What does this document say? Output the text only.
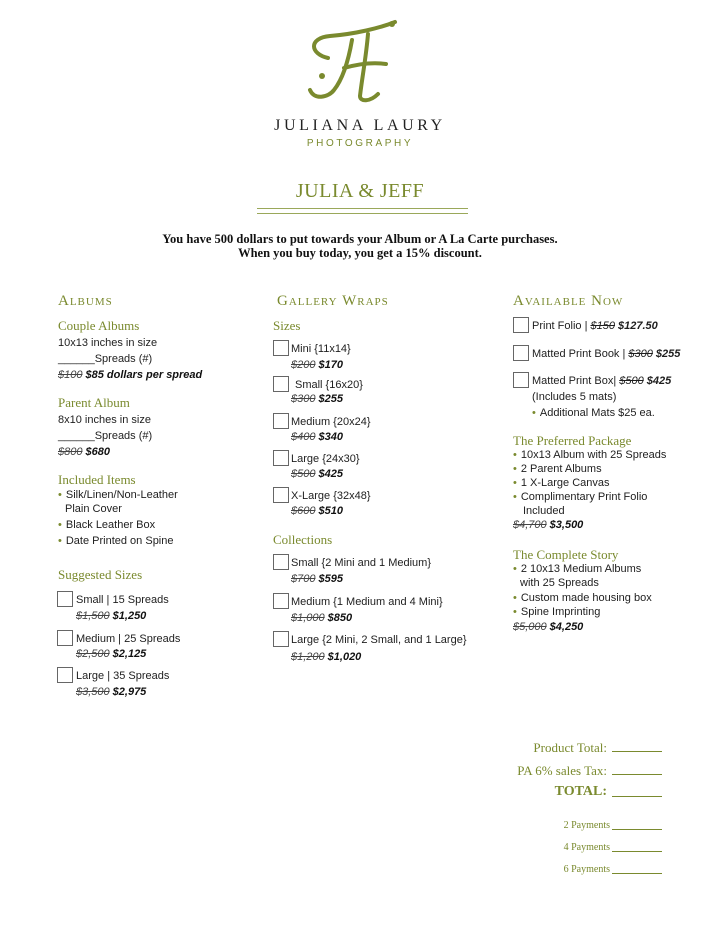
JULIANA LAURY
PHOTOGRAPHY
JULIA & JEFF
You have 500 dollars to put towards your Album or A La Carte purchases.
When you buy today, you get a 15% discount.
Albums
Couple Albums
10x13 inches in size
______Spreads (#)
$100 $85 dollars per spread
Parent Album
8x10 inches in size
______Spreads (#)
$800 $680
Included Items
• Silk/Linen/Non-Leather
Plain Cover
• Black Leather Box
• Date Printed on Spine
Suggested Sizes
Small | 15 Spreads
$1,500 $1,250
Medium | 25 Spreads
$2,500 $2,125
Large | 35 Spreads
$3,500 $2,975
Gallery Wraps
Sizes
Mini {11x14}
$200 $170
Small {16x20}
$300 $255
Medium {20x24}
$400 $340
Large {24x30}
$500 $425
X-Large {32x48}
$600 $510
Collections
Small {2 Mini and 1 Medium}
$700 $595
Medium {1 Medium and 4 Mini}
$1,000 $850
Large {2 Mini, 2 Small, and 1 Large}
$1,200 $1,020
Available Now
Print Folio | $150 $127.50
Matted Print Book | $300 $255
Matted Print Box| $500 $425
(Includes 5 mats)
• Additional Mats $25 ea.
The Preferred Package
• 10x13 Album with 25 Spreads
• 2 Parent Albums
• 1 X-Large Canvas
• Complimentary Print Folio
Included
$4,700 $3,500
The Complete Story
• 2 10x13 Medium Albums
with 25 Spreads
• Custom made housing box
• Spine Imprinting
$5,000 $4,250
Product Total:
PA 6% sales Tax:
TOTAL:
2 Payments
4 Payments
6 Payments
